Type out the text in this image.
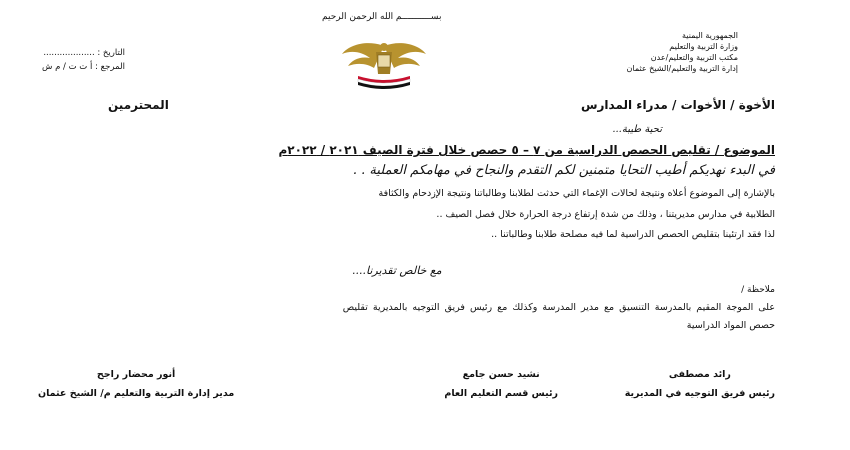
بســـــــــــم الله الرحمن الرحيم
الجمهورية اليمنية
وزارة التربية والتعليم
مكتب التربية والتعليم/عدن
إدارة التربية والتعليم/الشيخ عثمان
التاريخ : ...................
المرجع : أ ت ت / م ش
الأخوة / الأخوات / مدراء المدارس
المحترمين
تحية طيبة...
الموضوع / تقليص الحصص الدراسية من ٧ – ٥ حصص خلال فترة الصيف ٢٠٢١ / ٢٠٢٢م
في البدء نهديكم أطيب التحايا متمنين لكم التقدم والنجاح في مهامكم العملية . .
بالإشارة إلى الموضوع أعلاه ونتيجة لحالات الإغماء التي حدثت لطلابنا وطالباتنا ونتيجة الإزدحام والكثافة
الطلابية في مدارس مديريتنا ، وذلك من شدة إرتفاع درجة الحرارة خلال فصل الصيف ..
لذا فقد ارتئينا بتقليص الحصص الدراسية لما فيه مصلحة طلابنا وطالباتنا ..
مع خالص تقديرنا....
ملاحظة /
على الموجة المقيم بالمدرسة التنسيق مع مدير المدرسة وكذلك مع رئيس فريق التوجيه بالمديرية تقليص
حصص المواد الدراسية
رائد مصطفى
رئيس فريق التوجيه في المديرية
نشيد حسن جامع
رئيس قسم التعليم العام
أنور محضار راجح
مدير إدارة التربية والتعليم م/ الشيخ عثمان
